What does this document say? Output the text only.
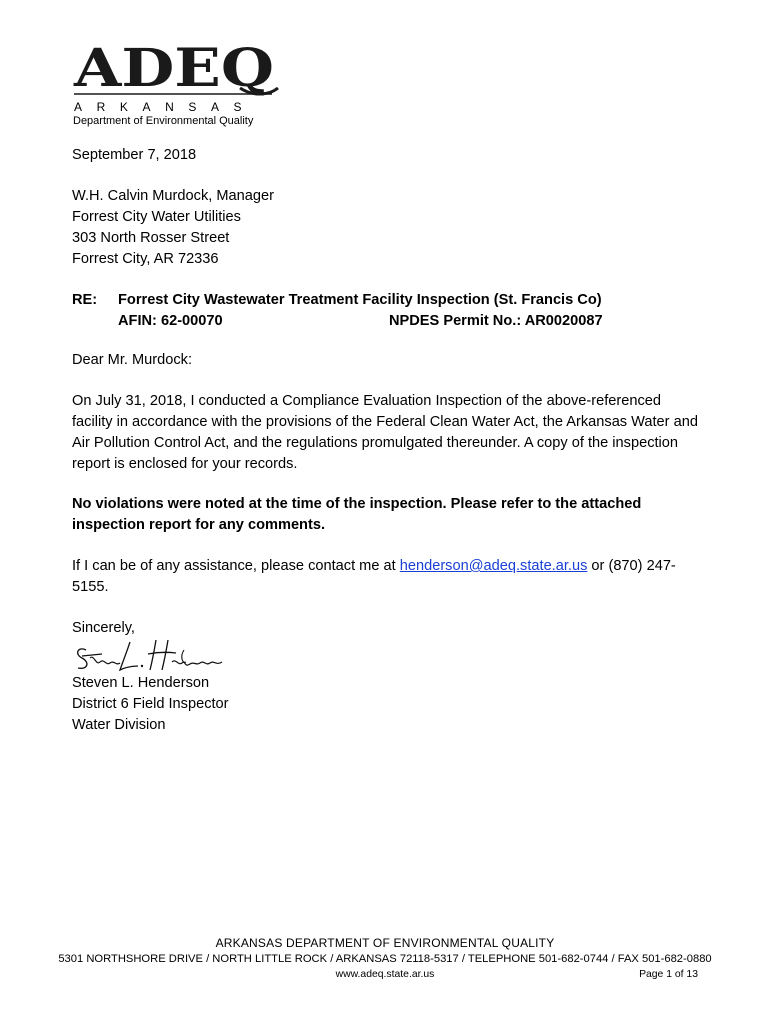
ADEQ
ARKANSAS
Department of Environmental Quality
September 7, 2018
W.H. Calvin Murdock, Manager
Forrest City Water Utilities
303 North Rosser Street
Forrest City, AR 72336
RE: Forrest City Wastewater Treatment Facility Inspection (St. Francis Co)
AFIN: 62-00070	NPDES Permit No.: AR0020087
Dear Mr. Murdock:
On July 31, 2018, I conducted a Compliance Evaluation Inspection of the above-referenced facility in accordance with the provisions of the Federal Clean Water Act, the Arkansas Water and Air Pollution Control Act, and the regulations promulgated thereunder. A copy of the inspection report is enclosed for your records.
No violations were noted at the time of the inspection. Please refer to the attached inspection report for any comments.
If I can be of any assistance, please contact me at henderson@adeq.state.ar.us or (870) 247-5155.
Sincerely,
Steven L. Henderson
District 6 Field Inspector
Water Division
ARKANSAS DEPARTMENT OF ENVIRONMENTAL QUALITY
5301 NORTHSHORE DRIVE / NORTH LITTLE ROCK / ARKANSAS 72118-5317 / TELEPHONE 501-682-0744 / FAX 501-682-0880
www.adeq.state.ar.us	Page 1 of 13
